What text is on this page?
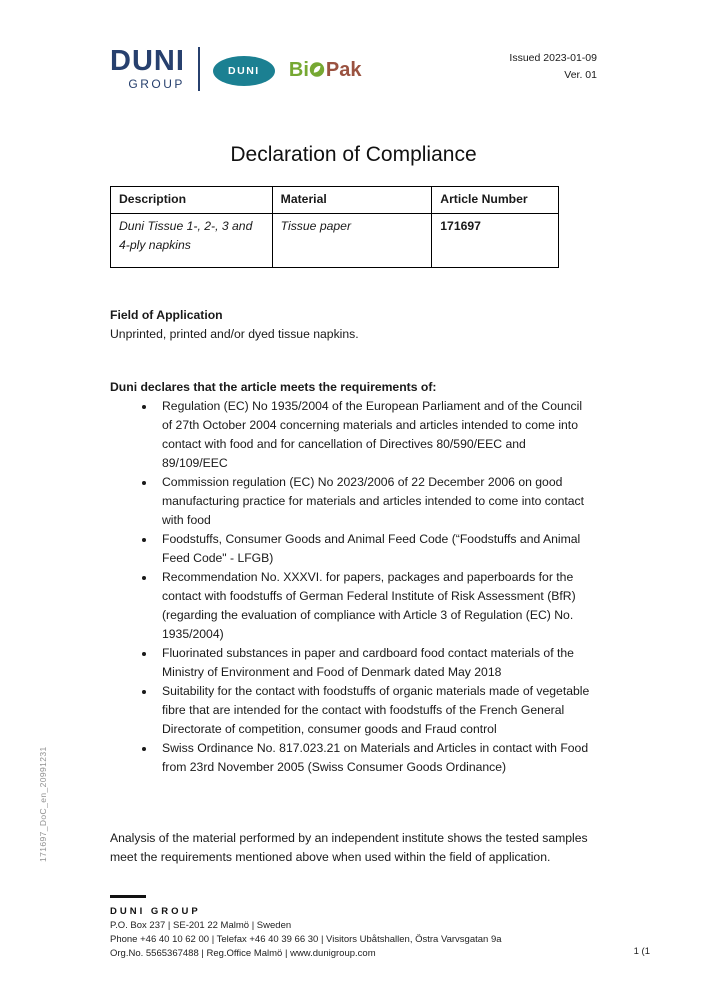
DUNI
GROUP
DUNI Bi Pak
Issued 2023-01-09
Ver. 01
Declaration of Compliance
Description	Material	Article Number
Duni Tissue 1-, 2-, 3 and 4-ply napkins	Tissue paper	171697
Field of Application
Unprinted, printed and/or dyed tissue napkins.
Duni declares that the article meets the requirements of:
• Regulation (EC) No 1935/2004 of the European Parliament and of the Council of 27th October 2004 concerning materials and articles intended to come into contact with food and for cancellation of Directives 80/590/EEC and 89/109/EEC
• Commission regulation (EC) No 2023/2006 of 22 December 2006 on good manufacturing practice for materials and articles intended to come into contact with food
• Foodstuffs, Consumer Goods and Animal Feed Code (“Foodstuffs and Animal Feed Code" - LFGB)
• Recommendation No. XXXVI. for papers, packages and paperboards for the contact with foodstuffs of German Federal Institute of Risk Assessment (BfR) (regarding the evaluation of compliance with Article 3 of Regulation (EC) No. 1935/2004)
• Fluorinated substances in paper and cardboard food contact materials of the Ministry of Environment and Food of Denmark dated May 2018
• Suitability for the contact with foodstuffs of organic materials made of vegetable fibre that are intended for the contact with foodstuffs of the French General Directorate of competition, consumer goods and Fraud control
• Swiss Ordinance No. 817.023.21 on Materials and Articles in contact with Food from 23rd November 2005 (Swiss Consumer Goods Ordinance)
Analysis of the material performed by an independent institute shows the tested samples meet the requirements mentioned above when used within the field of application.
DUNI GROUP
P.O. Box 237 | SE-201 22 Malmö | Sweden
Phone +46 40 10 62 00 | Telefax +46 40 39 66 30 | Visitors Ubåtshallen, Östra Varvsgatan 9a
Org.No. 5565367488 | Reg.Office Malmö | www.dunigroup.com	1 (1
171697_DoC_en_20991231
